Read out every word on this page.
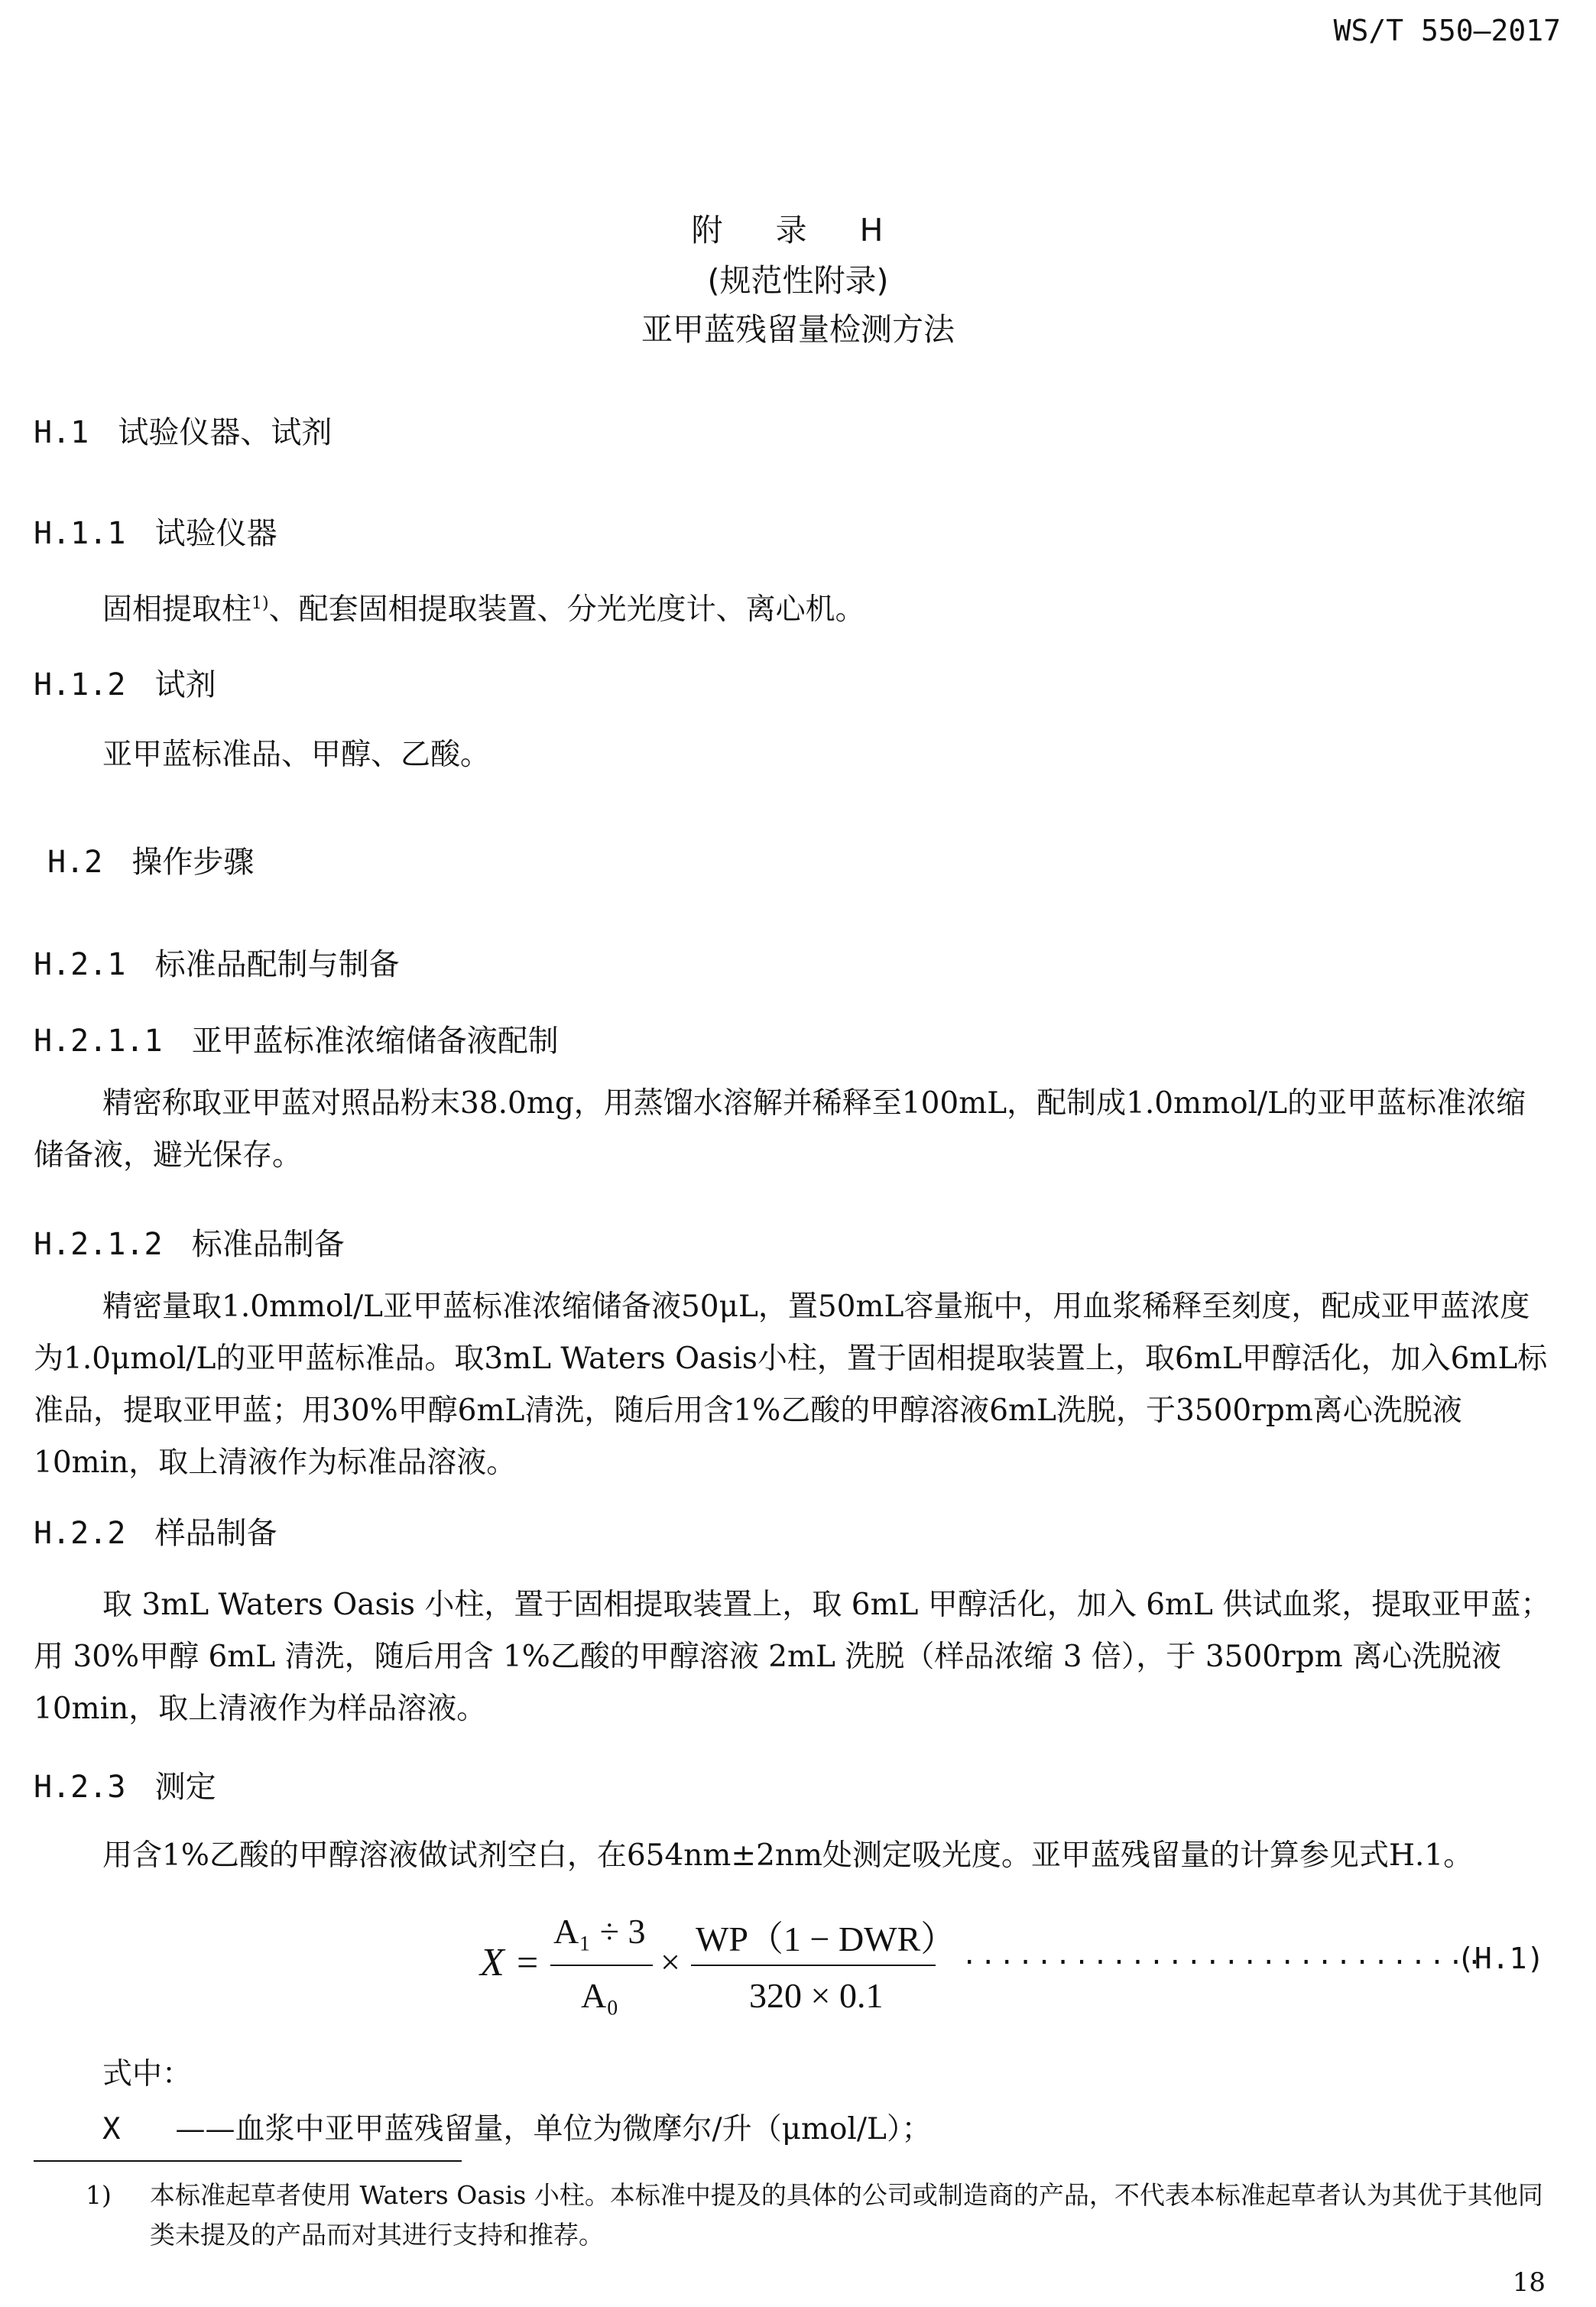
WS/T 550—2017
附 录 H
(规范性附录)
亚甲蓝残留量检测方法
H.1 试验仪器、试剂
H.1.1 试验仪器
固相提取柱$^{1)}$、配套固相提取装置、分光光度计、离心机。
H.1.2 试剂
亚甲蓝标准品、甲醇、乙酸。
H.2 操作步骤
H.2.1 标准品配制与制备
H.2.1.1 亚甲蓝标准浓缩储备液配制
精密称取亚甲蓝对照品粉末38.0mg，用蒸馏水溶解并稀释至100mL，配制成1.0mmol/L的亚甲蓝标准浓缩储备液，避光保存。
H.2.1.2 标准品制备
精密量取1.0mmol/L亚甲蓝标准浓缩储备液50μL，置50mL容量瓶中，用血浆稀释至刻度，配成亚甲蓝浓度为1.0μmol/L的亚甲蓝标准品。取3mL Waters Oasis小柱，置于固相提取装置上，取6mL甲醇活化，加入6mL标准品，提取亚甲蓝；用30%甲醇6mL清洗，随后用含1%乙酸的甲醇溶液6mL洗脱，于3500rpm离心洗脱液10min，取上清液作为标准品溶液。
H.2.2 样品制备
取 3mL Waters Oasis 小柱，置于固相提取装置上，取 6mL 甲醇活化，加入 6mL 供试血浆，提取亚甲蓝；用 30%甲醇 6mL 清洗，随后用含 1%乙酸的甲醇溶液 2mL 洗脱（样品浓缩 3 倍），于 3500rpm 离心洗脱液 10min，取上清液作为样品溶液。
H.2.3 测定
用含1%乙酸的甲醇溶液做试剂空白，在654nm±2nm处测定吸光度。亚甲蓝残留量的计算参见式H.1。
X =
A₁ ÷ 3
A₀
×
WP（1 − DWR）
320 × 0.1
............................
(H.1)
式中：
X ——血浆中亚甲蓝残留量，单位为微摩尔/升（μmol/L）；
1) 本标准起草者使用 Waters Oasis 小柱。本标准中提及的具体的公司或制造商的产品，不代表本标准起草者认为其优于其他同类未提及的产品而对其进行支持和推荐。
18
